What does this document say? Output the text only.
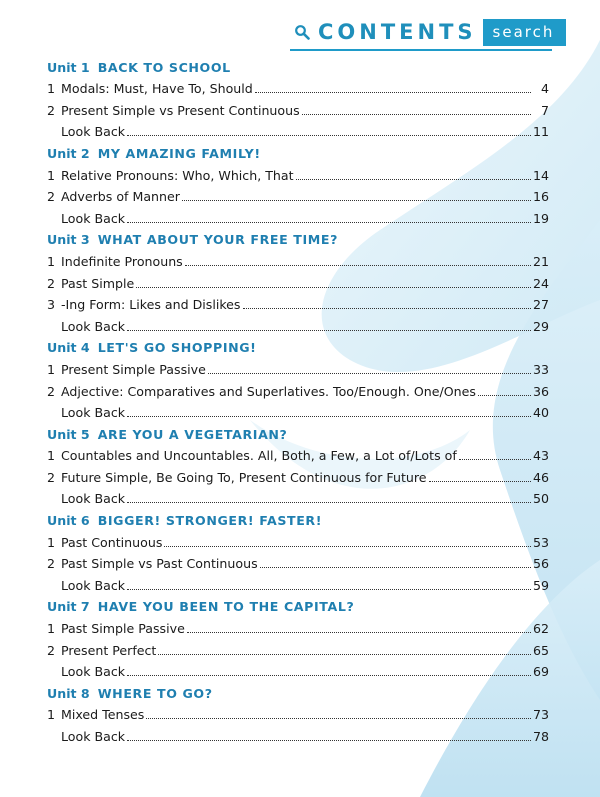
CONTENTS	search
Unit 1 BACK TO SCHOOL
1 Modals: Must, Have To, Should	4
2 Present Simple vs Present Continuous	7
Look Back	11
Unit 2 MY AMAZING FAMILY!
1 Relative Pronouns: Who, Which, That	14
2 Adverbs of Manner	16
Look Back	19
Unit 3 WHAT ABOUT YOUR FREE TIME?
1 Indefinite Pronouns	21
2 Past Simple	24
3 -Ing Form: Likes and Dislikes	27
Look Back	29
Unit 4 LET'S GO SHOPPING!
1 Present Simple Passive	33
2 Adjective: Comparatives and Superlatives. Too/Enough. One/Ones	36
Look Back	40
Unit 5 ARE YOU A VEGETARIAN?
1 Countables and Uncountables. All, Both, a Few, a Lot of/Lots of	43
2 Future Simple, Be Going To, Present Continuous for Future	46
Look Back	50
Unit 6 BIGGER! STRONGER! FASTER!
1 Past Continuous	53
2 Past Simple vs Past Continuous	56
Look Back	59
Unit 7 HAVE YOU BEEN TO THE CAPITAL?
1 Past Simple Passive	62
2 Present Perfect	65
Look Back	69
Unit 8 WHERE TO GO?
1 Mixed Tenses	73
Look Back	78
